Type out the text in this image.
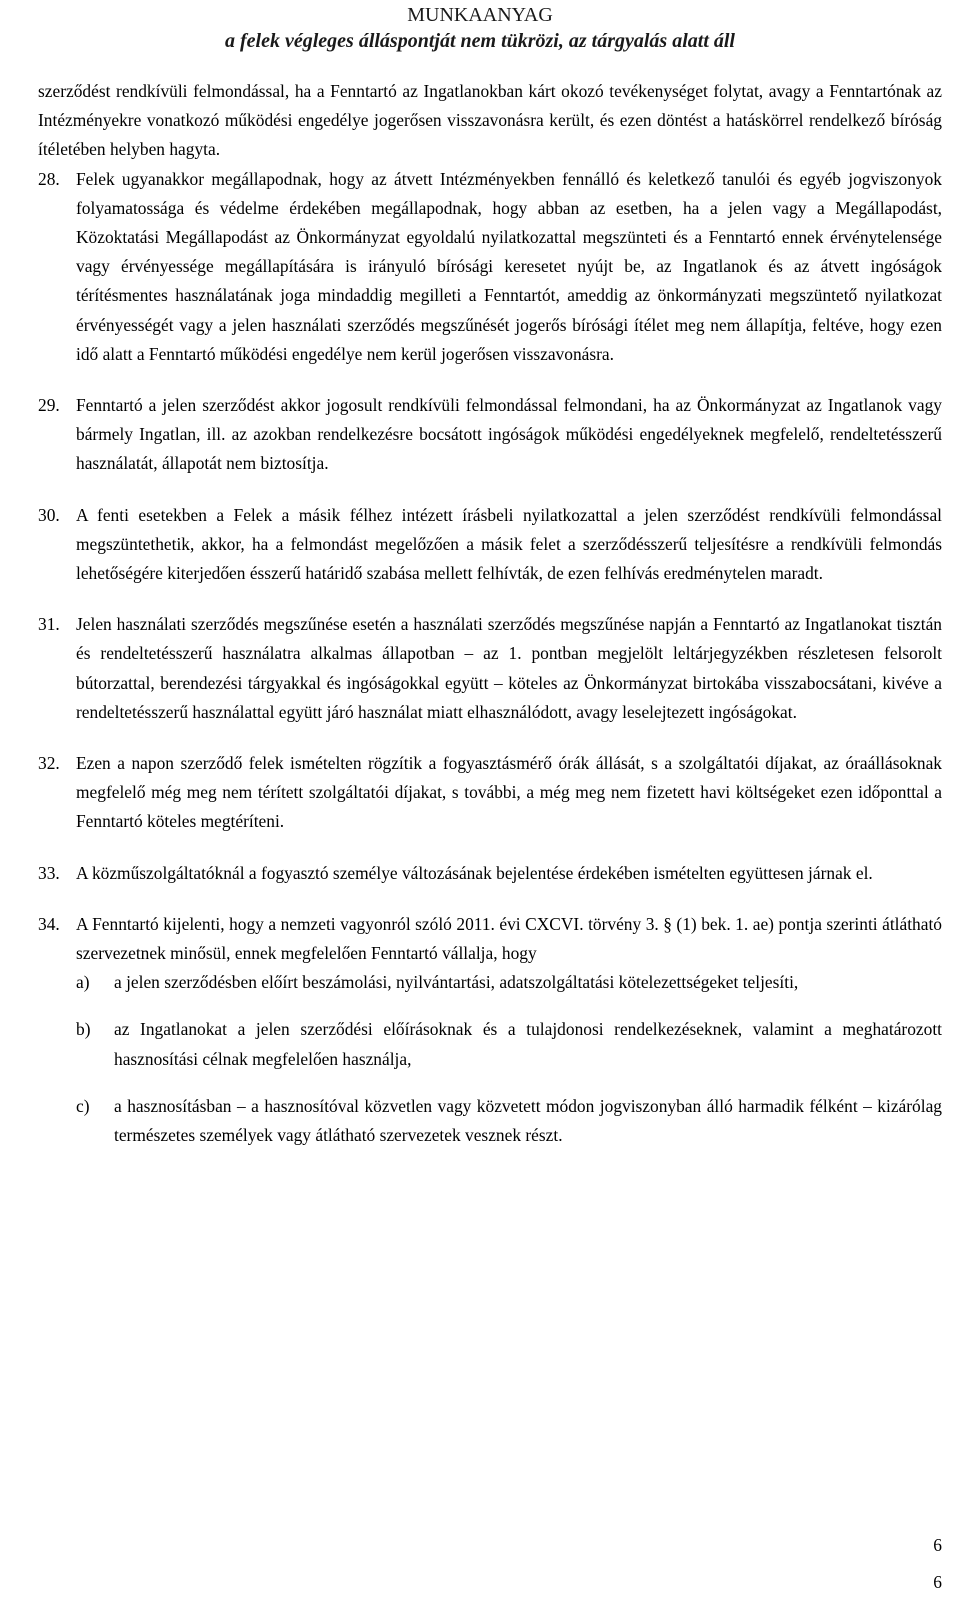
MUNKAANYAG
a felek végleges álláspontját nem tükrözi, az tárgyalás alatt áll

szerződést rendkívüli felmondással, ha a Fenntartó az Ingatlanokban kárt okozó tevékenységet folytat, avagy a Fenntartónak az Intézményekre vonatkozó működési engedélye jogerősen visszavonásra került, és ezen döntést a hatáskörrel rendelkező bíróság ítéletében helyben hagyta.

28. Felek ugyanakkor megállapodnak, hogy az átvett Intézményekben fennálló és keletkező tanulói és egyéb jogviszonyok folyamatossága és védelme érdekében megállapodnak, hogy abban az esetben, ha a jelen vagy a Megállapodást, Közoktatási Megállapodást az Önkormányzat egyoldalú nyilatkozattal megszünteti és a Fenntartó ennek érvénytelensége vagy érvényessége megállapítására is irányuló bírósági keresetet nyújt be, az Ingatlanok és az átvett ingóságok térítésmentes használatának joga mindaddig megilleti a Fenntartót, ameddig az önkormányzati megszüntető nyilatkozat érvényességét vagy a jelen használati szerződés megszűnését jogerős bírósági ítélet meg nem állapítja, feltéve, hogy ezen idő alatt a Fenntartó működési engedélye nem kerül jogerősen visszavonásra.
29. Fenntartó a jelen szerződést akkor jogosult rendkívüli felmondással felmondani, ha az Önkormányzat az Ingatlanok vagy bármely Ingatlan, ill. az azokban rendelkezésre bocsátott ingóságok működési engedélyeknek megfelelő, rendeltetésszerű használatát, állapotát nem biztosítja.
30. A fenti esetekben a Felek a másik félhez intézett írásbeli nyilatkozattal a jelen szerződést rendkívüli felmondással megszüntethetik, akkor, ha a felmondást megelőzően a másik felet a szerződésszerű teljesítésre a rendkívüli felmondás lehetőségére kiterjedően ésszerű határidő szabása mellett felhívták, de ezen felhívás eredménytelen maradt.
31. Jelen használati szerződés megszűnése esetén a használati szerződés megszűnése napján a Fenntartó az Ingatlanokat tisztán és rendeltetésszerű használatra alkalmas állapotban – az 1. pontban megjelölt leltárjegyzékben részletesen felsorolt bútorzattal, berendezési tárgyakkal és ingóságokkal együtt – köteles az Önkormányzat birtokába visszabocsátani, kivéve a rendeltetésszerű használattal együtt járó használat miatt elhasználódott, avagy leselejtezett ingóságokat.
32. Ezen a napon szerződő felek ismételten rögzítik a fogyasztásmérő órák állását, s a szolgáltatói díjakat, az óraállásoknak megfelelő még meg nem térített szolgáltatói díjakat, s további, a még meg nem fizetett havi költségeket ezen időponttal a Fenntartó köteles megtéríteni.
33. A közműszolgáltatóknál a fogyasztó személye változásának bejelentése érdekében ismételten együttesen járnak el.
34. A Fenntartó kijelenti, hogy a nemzeti vagyonról szóló 2011. évi CXCVI. törvény 3. § (1) bek. 1. ae) pontja szerinti átlátható szervezetnek minősül, ennek megfelelően Fenntartó vállalja, hogy
a) a jelen szerződésben előírt beszámolási, nyilvántartási, adatszolgáltatási kötelezettségeket teljesíti,
b) az Ingatlanokat a jelen szerződési előírásoknak és a tulajdonosi rendelkezéseknek, valamint a meghatározott hasznosítási célnak megfelelően használja,
c) a hasznosításban – a hasznosítóval közvetlen vagy közvetett módon jogviszonyban álló harmadik félként – kizárólag természetes személyek vagy átlátható szervezetek vesznek részt.
6
6
